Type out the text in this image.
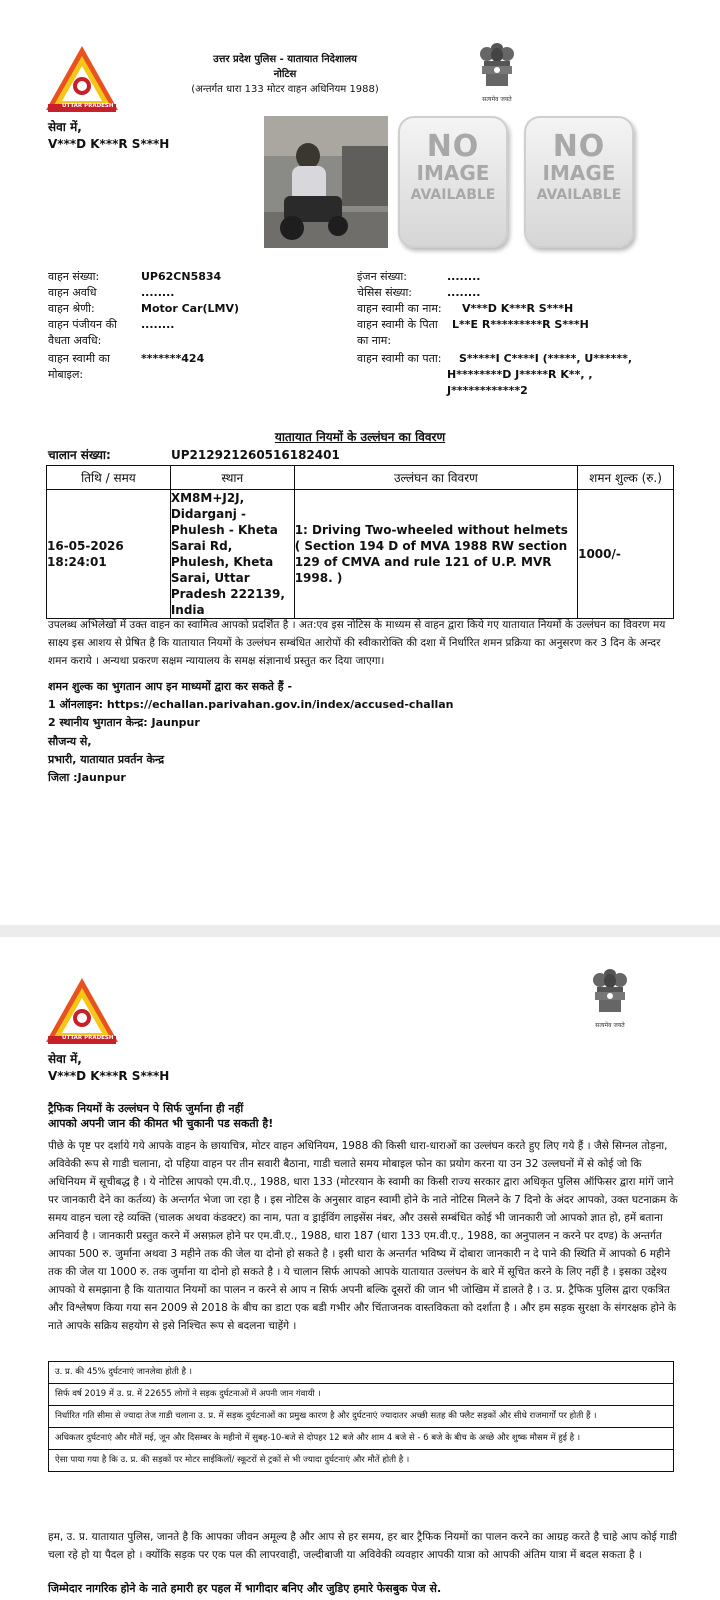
UTTAR PRADESH
सत्यमेव जयते
उत्तर प्रदेश पुलिस - यातायात निदेशालय
नोटिस
(अन्तर्गत धारा 133 मोटर वाहन अधिनियम 1988)
सेवा में,
V***D K***R S***H	NO
IMAGE
AVAILABLE
NO
IMAGE
AVAILABLE
वाहन संख्या:	UP62CN5834
वाहन अवधि	........
वाहन श्रेणी:	Motor Car(LMV)
वाहन पंजीयन की ........
वैधता अवधि:
वाहन स्वामी का	*******424
मोबाइल:
इंजन संख्या:	........
चेसिस संख्या:	........
वाहन स्वामी का नाम: V***D K***R S***H
वाहन स्वामी के पिता L**E R*********R S***H
का नाम:
वाहन स्वामी का पता: S*****I C****I (*****, U******,
H********D J*****R K**, ,
J************2
यातायात नियमों के उल्लंघन का विवरण
चालान संख्या:	UP212921260516182401
तिथि / समय	स्थान	उल्लंघन का विवरण	शमन शुल्क (रु.)

16-05-2026
18:24:01	XM8M+J2J, Didarganj - Phulesh - Kheta Sarai Rd, Phulesh, Kheta Sarai, Uttar Pradesh 222139, India	1: Driving Two-wheeled without helmets ( Section 194 D of MVA 1988 RW section 129 of CMVA and rule 121 of U.P. MVR 1998. )	1000/-
उपलब्ध अभिलेखों में उक्त वाहन का स्वामित्व आपको प्रदर्शित है । अत:एव इस नोटिस के माध्यम से वाहन द्वारा किये गए यातायात नियमों के उल्लंघन का विवरण मय साक्ष्य इस आशय से प्रेषित है कि यातायात नियमों के उल्लंघन सम्बंधित आरोपों की स्वीकारोक्ति की दशा में निर्धारित शमन प्रक्रिया का अनुसरण कर 3 दिन के अन्दर शमन कराये । अन्यथा प्रकरण सक्षम न्यायालय के समक्ष संज्ञानार्थ प्रस्तुत कर दिया जाएगा।
शमन शुल्क का भुगतान आप इन माध्यमों द्वारा कर सकते हैं -
1 ऑनलाइन: https://echallan.parivahan.gov.in/index/accused-challan
2 स्थानीय भुगतान केन्द्र: Jaunpur
सौजन्य से,
प्रभारी, यातायात प्रवर्तन केन्द्र
जिला :Jaunpur
UTTAR PRADESH
सत्यमेव जयते
सेवा में,
V***D K***R S***H
ट्रैफिक नियमों के उल्लंघन पे सिर्फ जुर्माना ही नहीं
आपको अपनी जान की कीमत भी चुकानी पड सकती है!
पीछे के पृष्ट पर दर्शाये गये आपके वाहन के छायाचित्र, मोटर वाहन अधिनियम, 1988 की किसी धारा-धाराओं का उल्लंघन करते हुए लिए गये हैं । जैसे सिग्नल तोड़ना, अविवेकी रूप से गाडी चलाना, दो पहिया वाहन पर तीन सवारी बैठाना, गाडी चलाते समय मोबाइल फोन का प्रयोग करना या उन 32 उल्लघनों में से कोई जो कि अधिनियम में सूचीबद्ध है । ये नोटिस आपको एम.वी.ए., 1988, धारा 133 (मोटरयान के स्वामी का किसी राज्य सरकार द्वारा अधिकृत पुलिस ऑफिसर द्वारा मांगें जाने पर जानकारी देने का कर्तव्य) के अन्तर्गत भेजा जा रहा है । इस नोटिस के अनुसार वाहन स्वामी होने के नाते नोटिस मिलने के 7 दिनो के अंदर आपको, उक्त घटनाक्रम के समय वाहन चला रहे व्यक्ति (चालक अथवा कंडक्टर) का नाम, पता व ड्राईविंग लाइसेंस नंबर, और उससे सम्बंधित कोई भी जानकारी जो आपको ज्ञात हो, हमें बताना अनिवार्य है । जानकारी प्रस्तुत करने में असफ़ल होने पर एम.वी.ए., 1988, धारा 187 (धारा 133 एम.वी.ए., 1988, का अनुपालन न करने पर दण्ड) के अन्तर्गत आपका 500 रु. जुर्माना अथवा 3 महीने तक की जेल या दोनो हो सकते है । इसी धारा के अन्तर्गत भविष्य में दोबारा जानकारी न दे पाने की स्थिति में आपको 6 महीने तक की जेल या 1000 रु. तक जुर्माना या दोनो हो सकते है । ये चालान सिर्फ आपको आपके यातायात उल्लंघन के बारे में सूचित करने के लिए नहीं है । इसका उद्देश्य आपको ये समझाना है कि यातायात नियमों का पालन न करने से आप न सिर्फ अपनी बल्कि दूसरों की जान भी जोखिम में डालते है । उ. प्र. ट्रैफिक पुलिस द्वारा एकत्रित और विश्लेषण किया गया सन 2009 से 2018 के बीच का डाटा एक बडी गभीर और चिंताजनक वास्तविकता को दर्शाता है । और हम सड़क सुरक्षा के संगरक्षक होने के नाते आपके सक्रिय सहयोग से इसे निश्चित रूप से बदलना चाहेंगे ।
उ. प्र. की 45% दुर्घटनाएं जानलेवा होती है ।
सिर्फ वर्ष 2019 में उ. प्र. में 22655 लोगों ने सड़क दुर्घटनाओं में अपनी जान गंवायी ।
निर्धारित गति सीमा से ज्यादा तेज गाडी चलाना उ. प्र. में सड़क दुर्घटनाओं का प्रमुख कारण है और दुर्घटनाएं ज्यादातर अच्छी सतह की फ्लैट सड़कों और सीधे राजमार्गों पर होती हैं ।
अधिकतर दुर्घटनाएं और मौतें मई, जून और दिसम्बर के महीनो में सुबह-10-बजे से दोपहर 12 बजे और शाम 4 बजे से - 6 बजे के बीच के अच्छे और शुष्क मौसम में हुई है ।
ऐसा पाया गया है कि उ. प्र. की सड़कों पर मोटर साईकिलों/ स्कूटरों से ट्रकों से भी ज्यादा दुर्घटनाएं और मौतें होती है ।
हम, उ. प्र. यातायात पुलिस, जानते है कि आपका जीवन अमूल्य है और आप से हर समय, हर बार ट्रैफिक नियमों का पालन करने का आग्रह करते है चाहे आप कोई गाडी चला रहे हो या पैदल हो । क्योंकि सड़क पर एक पल की लापरवाही, जल्दीबाजी या अविवेकी व्यवहार आपकी यात्रा को आपकी अंतिम यात्रा में बदल सकता है ।
जिम्मेदार नागरिक होने के नाते हमारी हर पहल में भागीदार बनिए और जुडिए हमारे फेसबुक पेज से.
